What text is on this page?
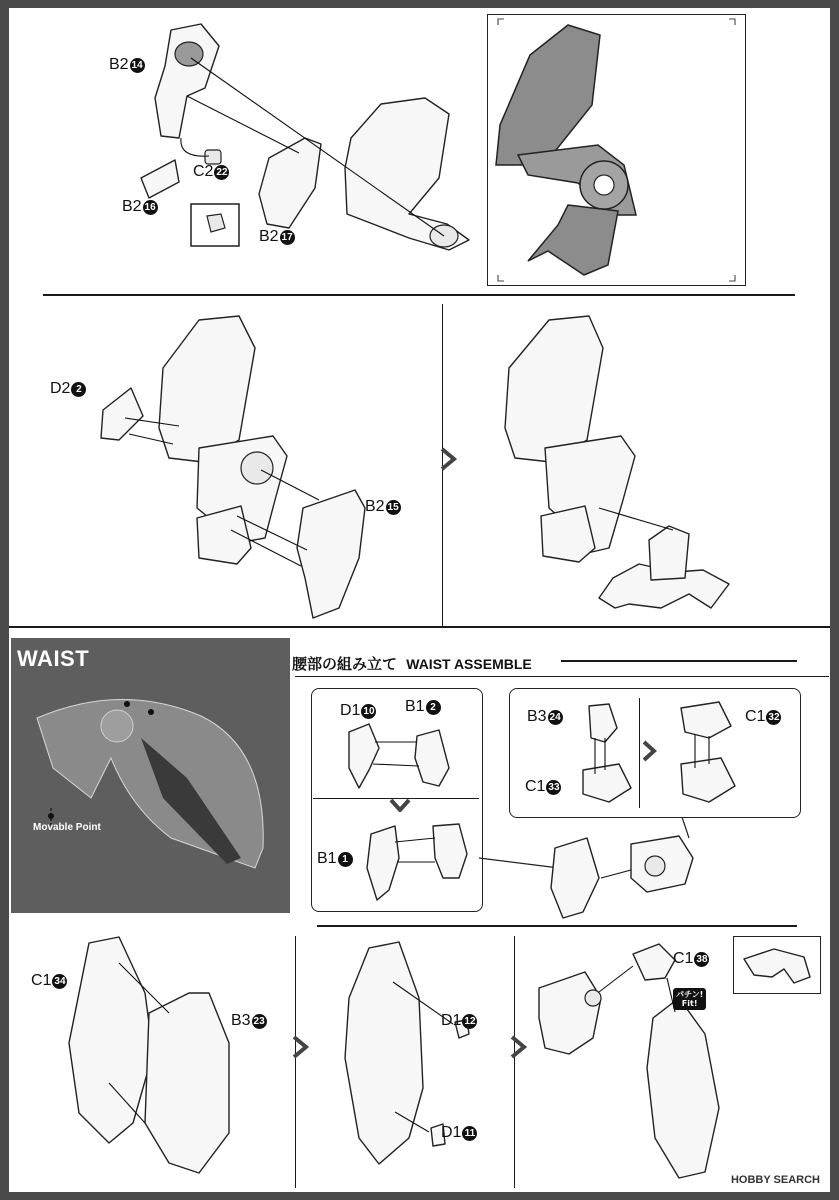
B2 14
C2 22
B2 16
B2 17
D2 2
B2 15
WAIST
Movable Point
腰部の組み立て WAIST ASSEMBLE
D1 10 B1 2
B1 1
B3 24
C1 33
C1 32
C1 34
B3 23	D1 12
D1 11
C1 38
パチン!
Fit!
HOBBY SEARCH
